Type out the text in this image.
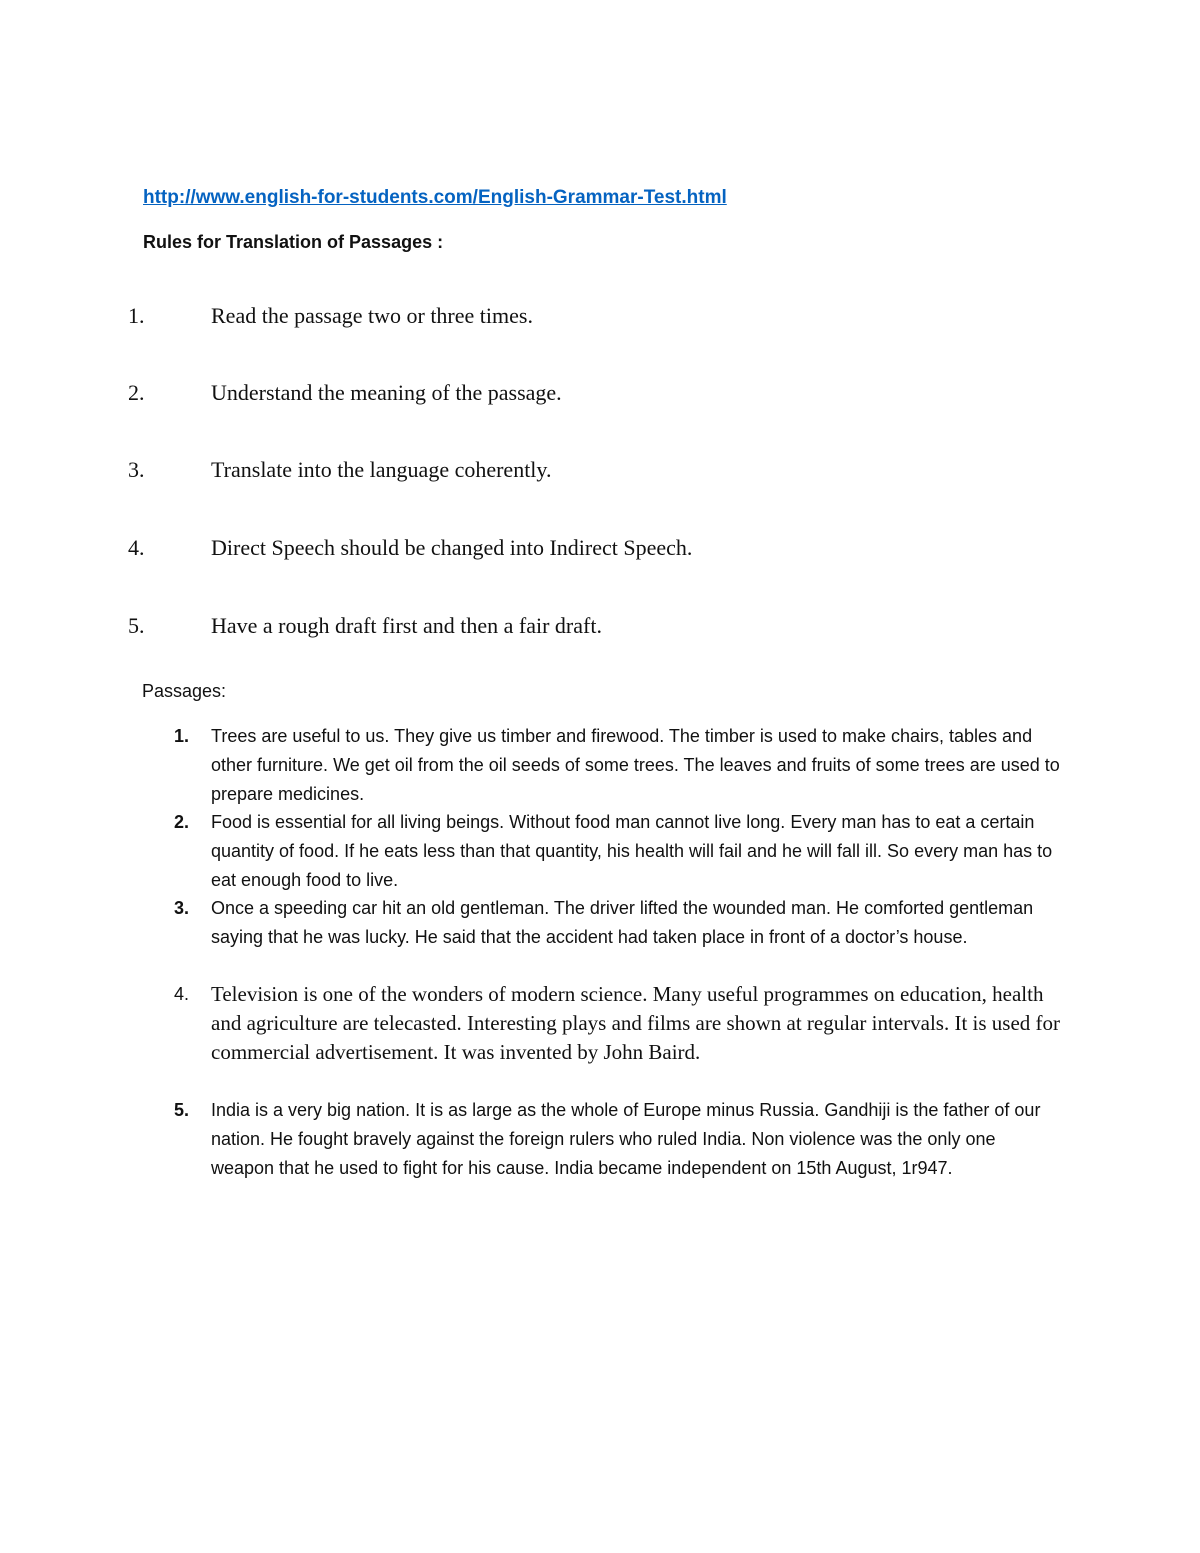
http://www.english-for-students.com/English-Grammar-Test.html
Rules for Translation of Passages :
1.	Read the passage two or three times.
2.	Understand the meaning of the passage.
3.	Translate into the language coherently.
4.	Direct Speech should be changed into Indirect Speech.
5.	Have a rough draft first and then a fair draft.
Passages:
1. Trees are useful to us. They give us timber and firewood. The timber is used to make chairs, tables and other furniture. We get oil from the oil seeds of some trees. The leaves and fruits of some trees are used to prepare medicines.
2. Food is essential for all living beings. Without food man cannot live long. Every man has to eat a certain quantity of food. If he eats less than that quantity, his health will fail and he will fall ill. So every man has to eat enough food to live.
3. Once a speeding car hit an old gentleman. The driver lifted the wounded man. He comforted gentleman saying that he was lucky. He said that the accident had taken place in front of a doctor’s house.
4. Television is one of the wonders of modern science. Many useful programmes on education, health and agriculture are telecasted. Interesting plays and films are shown at regular intervals. It is used for commercial advertisement. It was invented by John Baird.
5. India is a very big nation. It is as large as the whole of Europe minus Russia. Gandhiji is the father of our nation. He fought bravely against the foreign rulers who ruled India. Non violence was the only one weapon that he used to fight for his cause. India became independent on 15th August, 1r947.
